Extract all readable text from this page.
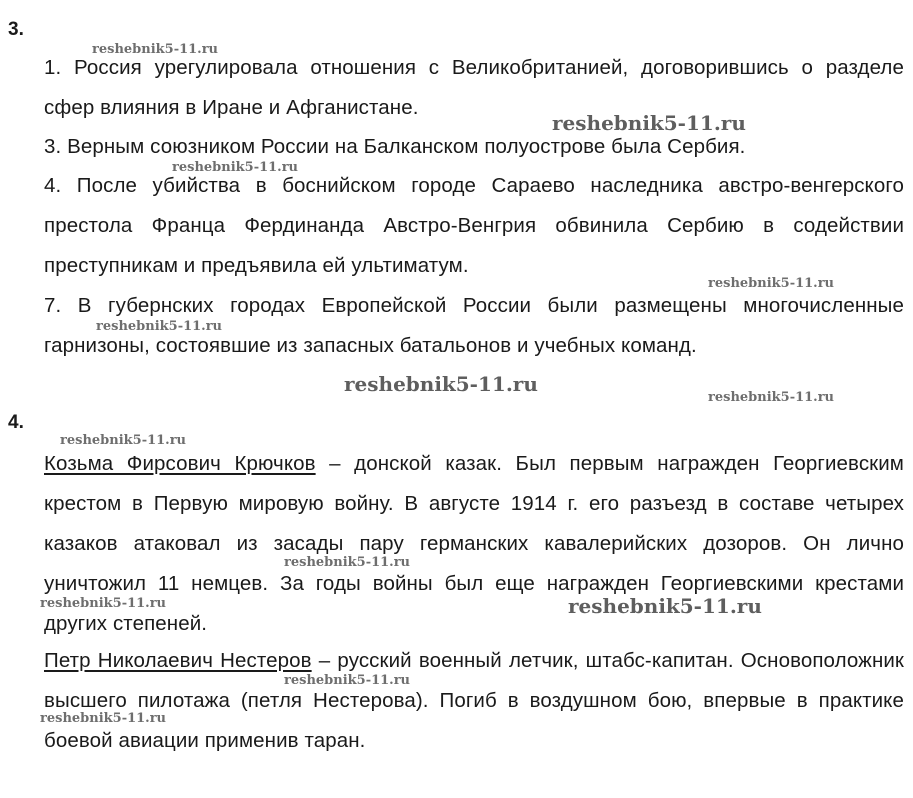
3.

1. Россия урегулировала отношения с Великобританией, договорившись о разделе сфер влияния в Иране и Афганистане.

3. Верным союзником России на Балканском полуострове была Сербия.

4. После убийства в боснийском городе Сараево наследника австро-венгерского престола Франца Фердинанда Австро-Венгрия обвинила Сербию в содействии преступникам и предъявила ей ультиматум.

7. В губернских городах Европейской России были размещены многочисленные гарнизоны, состоявшие из запасных батальонов и учебных команд.

4.

Козьма Фирсович Крючков – донской казак. Был первым награжден Георгиевским крестом в Первую мировую войну. В августе 1914 г. его разъезд в составе четырех казаков атаковал из засады пару германских кавалерийских дозоров. Он лично уничтожил 11 немцев. За годы войны был еще награжден Георгиевскими крестами других степеней.

Петр Николаевич Нестеров – русский военный летчик, штабс-капитан. Основоположник высшего пилотажа (петля Нестерова). Погиб в воздушном бою, впервые в практике боевой авиации применив таран.

reshebnik5-11.ru

reshebnik5-11.ru

reshebnik5-11.ru

reshebnik5-11.ru

reshebnik5-11.ru

reshebnik5-11.ru

reshebnik5-11.ru

reshebnik5-11.ru

reshebnik5-11.ru

reshebnik5-11.ru	reshebnik5-11.ru

reshebnik5-11.ru

reshebnik5-11.ru
